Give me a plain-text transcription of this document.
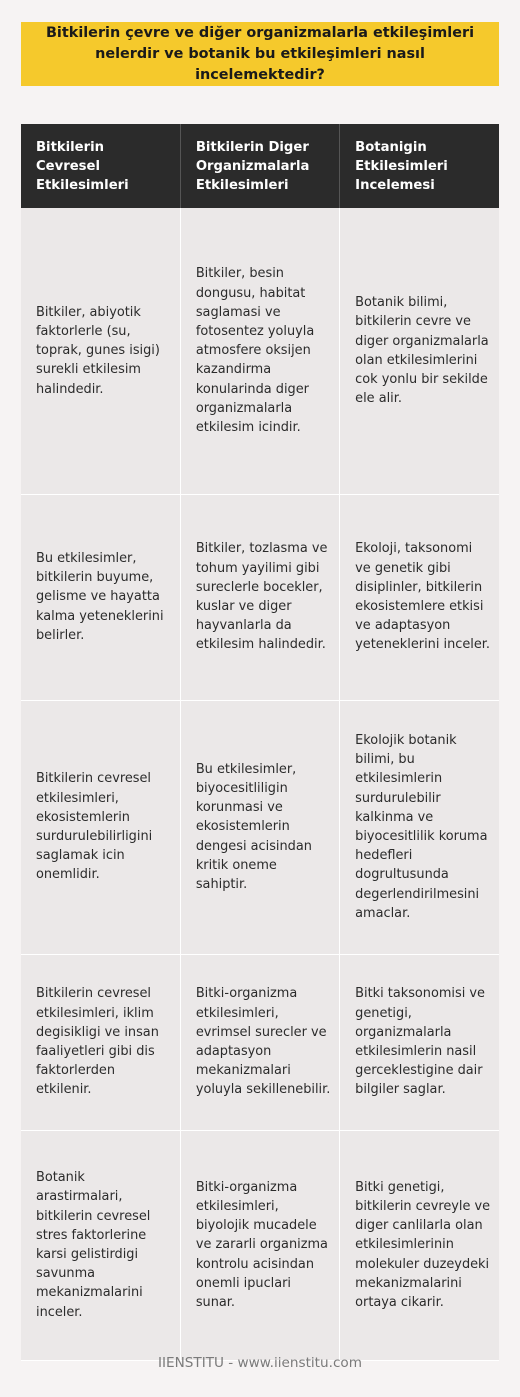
Bitkilerin çevre ve diğer organizmalarla etkileşimleri nelerdir ve botanik bu etkileşimleri nasıl incelemektedir?
Bitkilerin Cevresel Etkilesimleri	Bitkilerin Diger Organizmalarla Etkilesimleri	Botanigin Etkilesimleri Incelemesi
Bitkiler, abiyotik faktorlerle (su, toprak, gunes isigi) surekli etkilesim halindedir.	Bitkiler, besin dongusu, habitat saglamasi ve fotosentez yoluyla atmosfere oksijen kazandirma konularinda diger organizmalarla etkilesim icindir.	Botanik bilimi, bitkilerin cevre ve diger organizmalarla olan etkilesimlerini cok yonlu bir sekilde ele alir.
Bu etkilesimler, bitkilerin buyume, gelisme ve hayatta kalma yeteneklerini belirler.	Bitkiler, tozlasma ve tohum yayilimi gibi sureclerle bocekler, kuslar ve diger hayvanlarla da etkilesim halindedir.	Ekoloji, taksonomi ve genetik gibi disiplinler, bitkilerin ekosistemlere etkisi ve adaptasyon yeteneklerini inceler.
Bitkilerin cevresel etkilesimleri, ekosistemlerin surdurulebilirligini saglamak icin onemlidir.	Bu etkilesimler, biyocesitliligin korunmasi ve ekosistemlerin dengesi acisindan kritik oneme sahiptir.	Ekolojik botanik bilimi, bu etkilesimlerin surdurulebilir kalkinma ve biyocesitlilik koruma hedefleri dogrultusunda degerlendirilmesini amaclar.
Bitkilerin cevresel etkilesimleri, iklim degisikligi ve insan faaliyetleri gibi dis faktorlerden etkilenir.	Bitki-organizma etkilesimleri, evrimsel surecler ve adaptasyon mekanizmalari yoluyla sekillenebilir.	Bitki taksonomisi ve genetigi, organizmalarla etkilesimlerin nasil gerceklestigine dair bilgiler saglar.
Botanik arastirmalari, bitkilerin cevresel stres faktorlerine karsi gelistirdigi savunma mekanizmalarini inceler.	Bitki-organizma etkilesimleri, biyolojik mucadele ve zararli organizma kontrolu acisindan onemli ipuclari sunar.	Bitki genetigi, bitkilerin cevreyle ve diger canlilarla olan etkilesimlerinin molekuler duzeydeki mekanizmalarini ortaya cikarir.
IIENSTITU - www.iienstitu.com
